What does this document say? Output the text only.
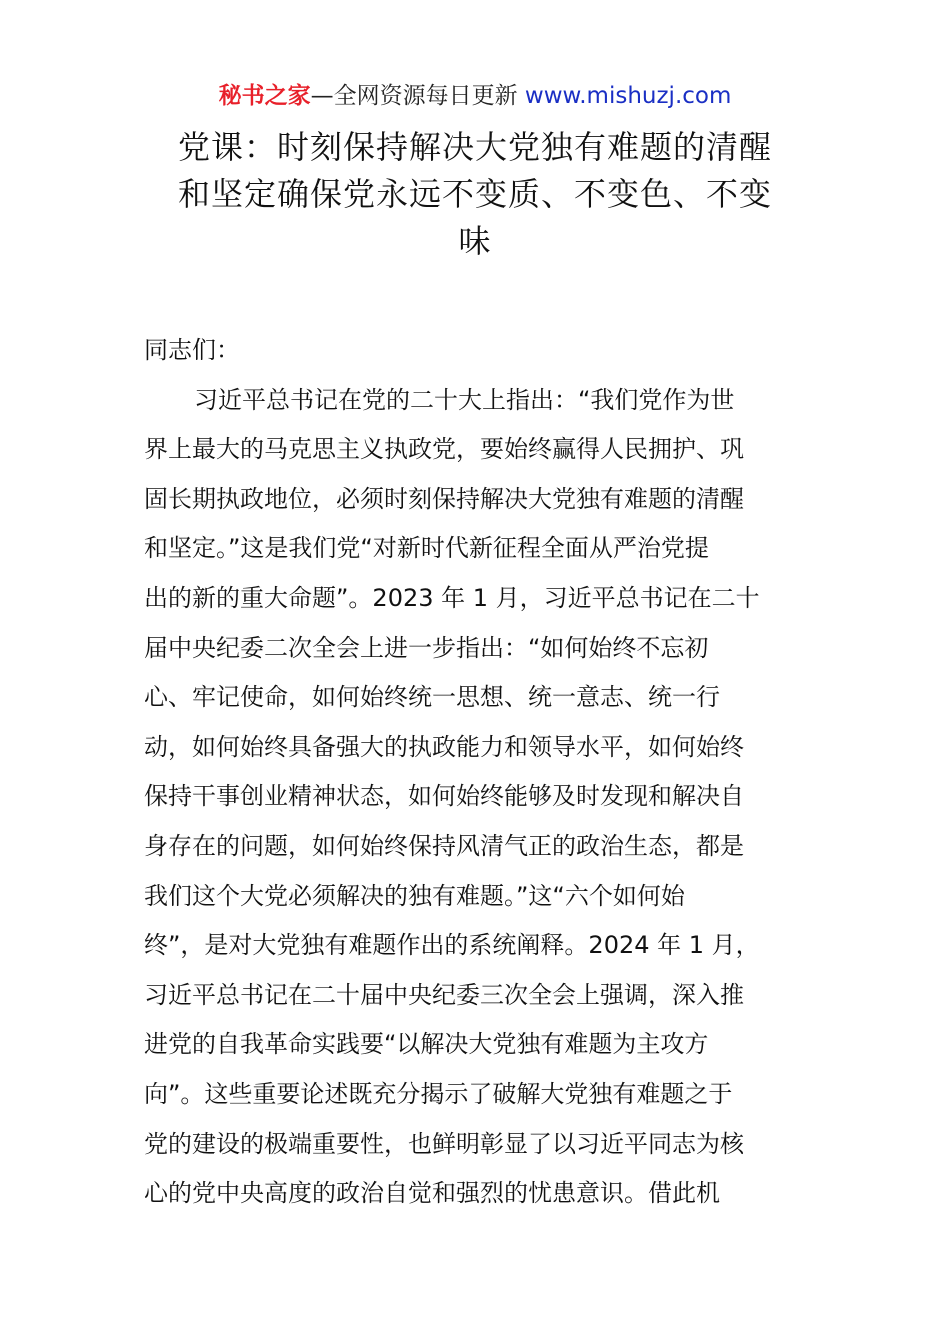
秘书之家—全网资源每日更新 www.mishuzj.com
党课：时刻保持解决大党独有难题的清醒
和坚定确保党永远不变质、不变色、不变
味
同志们：
习近平总书记在党的二十大上指出：“我们党作为世
界上最大的马克思主义执政党，要始终赢得人民拥护、巩
固长期执政地位，必须时刻保持解决大党独有难题的清醒
和坚定。”这是我们党“对新时代新征程全面从严治党提
出的新的重大命题”。2023 年 1 月，习近平总书记在二十
届中央纪委二次全会上进一步指出：“如何始终不忘初
心、牢记使命，如何始终统一思想、统一意志、统一行
动，如何始终具备强大的执政能力和领导水平，如何始终
保持干事创业精神状态，如何始终能够及时发现和解决自
身存在的问题，如何始终保持风清气正的政治生态，都是
我们这个大党必须解决的独有难题。”这“六个如何始
终”，是对大党独有难题作出的系统阐释。2024 年 1 月，
习近平总书记在二十届中央纪委三次全会上强调，深入推
进党的自我革命实践要“以解决大党独有难题为主攻方
向”。这些重要论述既充分揭示了破解大党独有难题之于
党的建设的极端重要性，也鲜明彰显了以习近平同志为核
心的党中央高度的政治自觉和强烈的忧患意识。借此机
